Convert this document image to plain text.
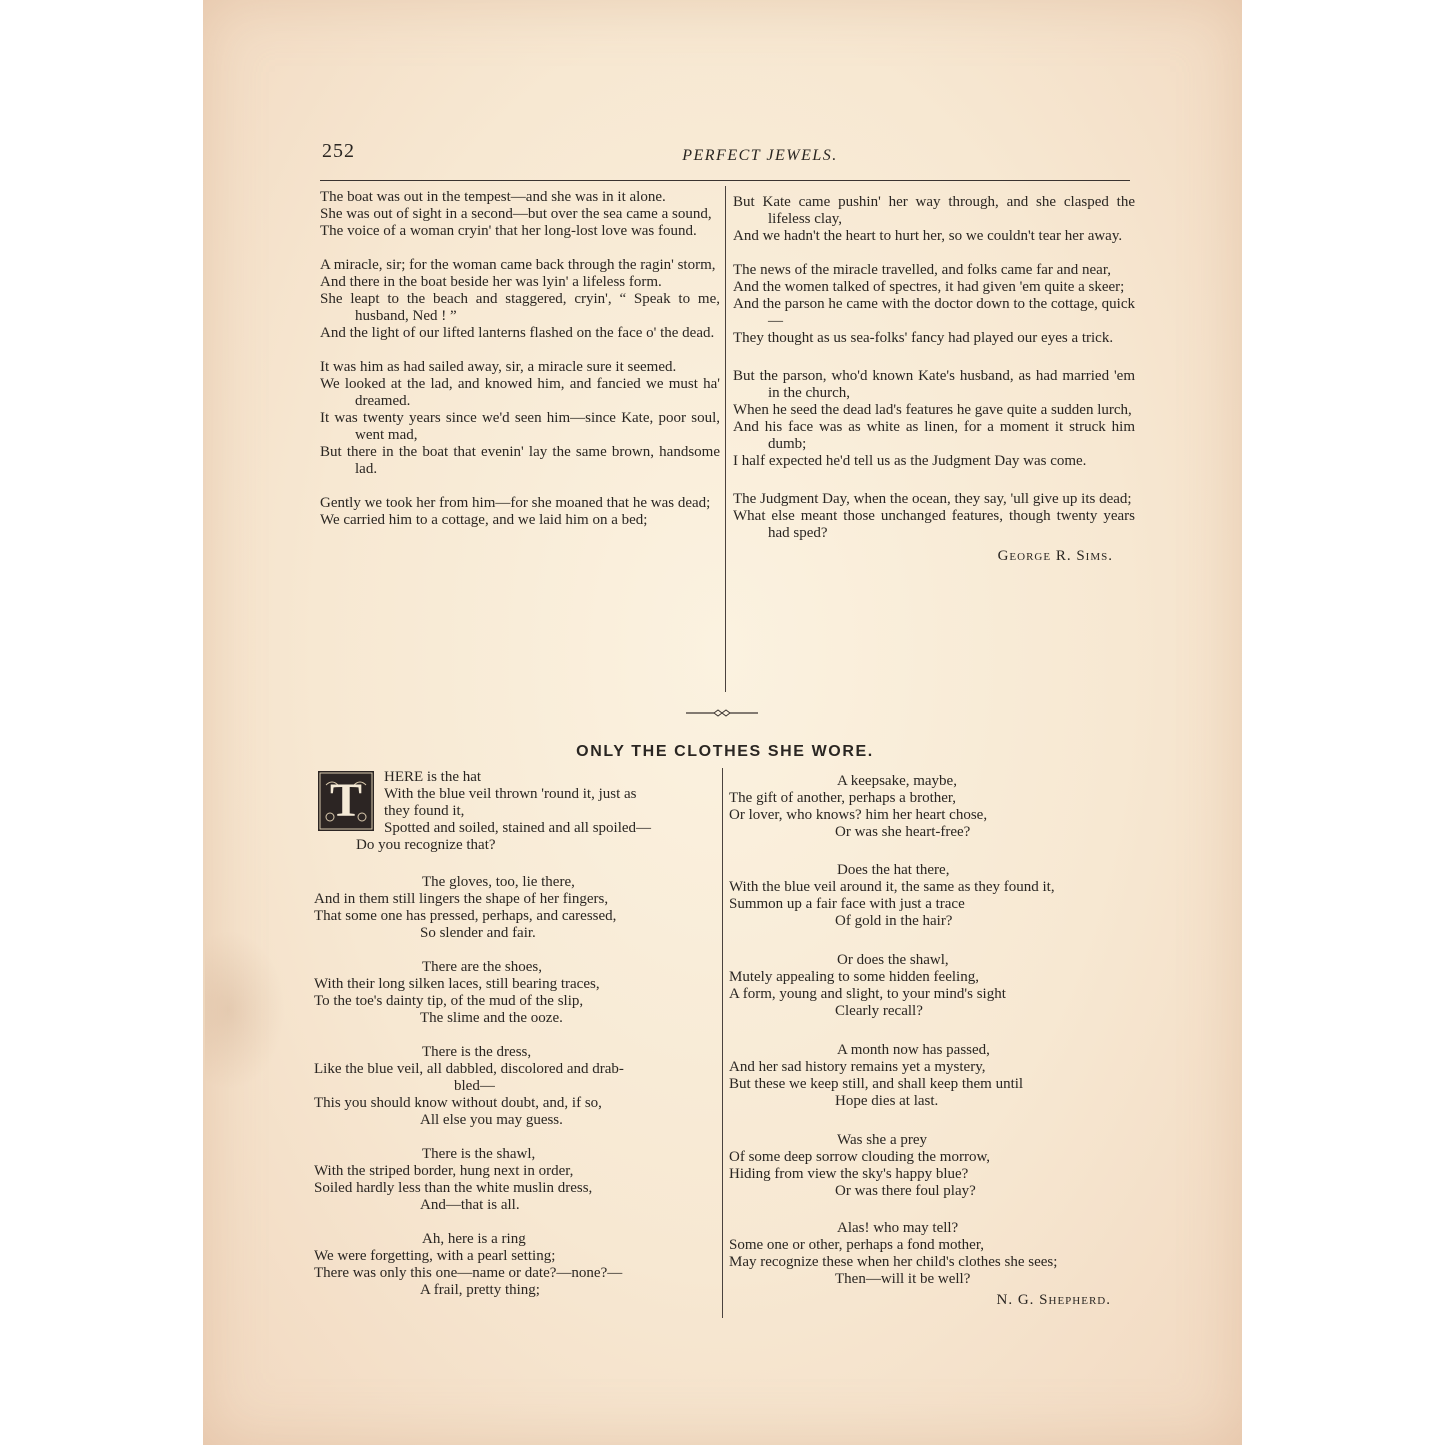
252	PERFECT JEWELS.
The boat was out in the tempest—and she was in it alone.
She was out of sight in a second—but over the sea came a sound,
The voice of a woman cryin' that her long-lost love was found.
A miracle, sir; for the woman came back through the ragin' storm,
And there in the boat beside her was lyin' a lifeless form.
She leapt to the beach and staggered, cryin', “ Speak to me, husband, Ned ! ”
And the light of our lifted lanterns flashed on the face o' the dead.
It was him as had sailed away, sir, a miracle sure it seemed.
We looked at the lad, and knowed him, and fancied we must ha' dreamed.
It was twenty years since we'd seen him—since Kate, poor soul, went mad,
But there in the boat that evenin' lay the same brown, handsome lad.
Gently we took her from him—for she moaned that he was dead;
We carried him to a cottage, and we laid him on a bed;
But Kate came pushin' her way through, and she clasped the lifeless clay,
And we hadn't the heart to hurt her, so we couldn't tear her away.
The news of the miracle travelled, and folks came far and near,
And the women talked of spectres, it had given 'em quite a skeer;
And the parson he came with the doctor down to the cottage, quick—
They thought as us sea-folks' fancy had played our eyes a trick.
But the parson, who'd known Kate's husband, as had married 'em in the church,
When he seed the dead lad's features he gave quite a sudden lurch,
And his face was as white as linen, for a moment it struck him dumb;
I half expected he'd tell us as the Judgment Day was come.
The Judgment Day, when the ocean, they say, 'ull give up its dead;
What else meant those unchanged features, though twenty years had sped?
George R. Sims.
ONLY THE CLOTHES SHE WORE.
T	HERE is the hat
With the blue veil thrown 'round it, just as
they found it,
Spotted and soiled, stained and all spoiled—
Do you recognize that?
The gloves, too, lie there,
And in them still lingers the shape of her fingers,
That some one has pressed, perhaps, and caressed,
So slender and fair.
There are the shoes,
With their long silken laces, still bearing traces,
To the toe's dainty tip, of the mud of the slip,
The slime and the ooze.
There is the dress,
Like the blue veil, all dabbled, discolored and drab-
bled—
This you should know without doubt, and, if so,
All else you may guess.
There is the shawl,
With the striped border, hung next in order,
Soiled hardly less than the white muslin dress,
And—that is all.
Ah, here is a ring
We were forgetting, with a pearl setting;
There was only this one—name or date?—none?—
A frail, pretty thing;
A keepsake, maybe,
The gift of another, perhaps a brother,
Or lover, who knows? him her heart chose,
Or was she heart-free?
Does the hat there,
With the blue veil around it, the same as they found it,
Summon up a fair face with just a trace
Of gold in the hair?
Or does the shawl,
Mutely appealing to some hidden feeling,
A form, young and slight, to your mind's sight
Clearly recall?
A month now has passed,
And her sad history remains yet a mystery,
But these we keep still, and shall keep them until
Hope dies at last.
Was she a prey
Of some deep sorrow clouding the morrow,
Hiding from view the sky's happy blue?
Or was there foul play?
Alas! who may tell?
Some one or other, perhaps a fond mother,
May recognize these when her child's clothes she sees;
Then—will it be well?
N. G. Shepherd.
